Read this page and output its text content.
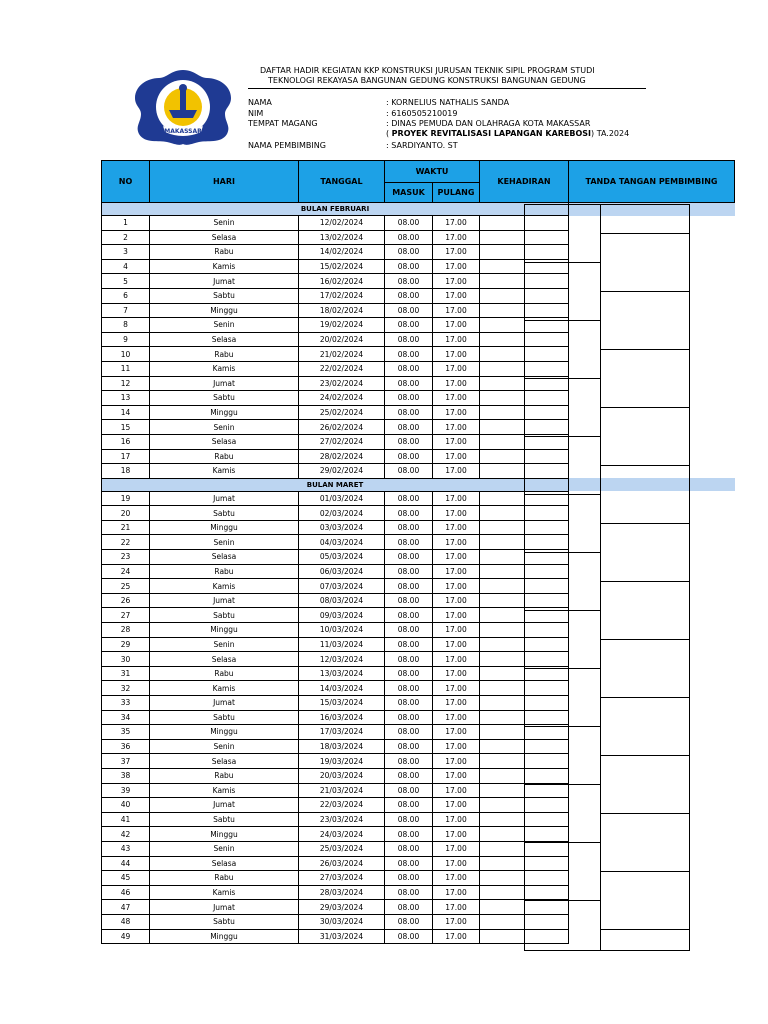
MAKASSAR
DAFTAR HADIR KEGIATAN KKP KONSTRUKSI JURUSAN TEKNIK SIPIL PROGRAM STUDI
TEKNOLOGI REKAYASA BANGUNAN GEDUNG KONSTRUKSI BANGUNAN GEDUNG
NAMA	: KORNELIUS NATHALIS SANDA
NIM	: 6160505210019
TEMPAT MAGANG	: DINAS PEMUDA DAN OLAHRAGA KOTA MAKASSAR
( PROYEK REVITALISASI LAPANGAN KAREBOSI) TA.2024
NAMA PEMBIMBING	: SARDIYANTO. ST
NO	HARI	TANGGAL	WAKTU		KEHADIRAN	TANDA TANGAN PEMBIMBING
			MASUK	PULANG		
BULAN FEBRUARI						
1	Senin	12/02/2024	08.00	17.00		
2	Selasa	13/02/2024	08.00	17.00		
3	Rabu	14/02/2024	08.00	17.00		
4	Kamis	15/02/2024	08.00	17.00		
5	Jumat	16/02/2024	08.00	17.00		
6	Sabtu	17/02/2024	08.00	17.00		
7	Minggu	18/02/2024	08.00	17.00		
8	Senin	19/02/2024	08.00	17.00		
9	Selasa	20/02/2024	08.00	17.00		
10	Rabu	21/02/2024	08.00	17.00		
11	Kamis	22/02/2024	08.00	17.00		
12	Jumat	23/02/2024	08.00	17.00		
13	Sabtu	24/02/2024	08.00	17.00		
14	Minggu	25/02/2024	08.00	17.00		
15	Senin	26/02/2024	08.00	17.00		
16	Selasa	27/02/2024	08.00	17.00		
17	Rabu	28/02/2024	08.00	17.00		
18	Kamis	29/02/2024	08.00	17.00		
BULAN MARET						
19	Jumat	01/03/2024	08.00	17.00		
20	Sabtu	02/03/2024	08.00	17.00		
21	Minggu	03/03/2024	08.00	17.00		
22	Senin	04/03/2024	08.00	17.00		
23	Selasa	05/03/2024	08.00	17.00		
24	Rabu	06/03/2024	08.00	17.00		
25	Kamis	07/03/2024	08.00	17.00		
26	Jumat	08/03/2024	08.00	17.00		
27	Sabtu	09/03/2024	08.00	17.00		
28	Minggu	10/03/2024	08.00	17.00		
29	Senin	11/03/2024	08.00	17.00		
30	Selasa	12/03/2024	08.00	17.00		
31	Rabu	13/03/2024	08.00	17.00		
32	Kamis	14/03/2024	08.00	17.00		
33	Jumat	15/03/2024	08.00	17.00		
34	Sabtu	16/03/2024	08.00	17.00		
35	Minggu	17/03/2024	08.00	17.00		
36	Senin	18/03/2024	08.00	17.00		
37	Selasa	19/03/2024	08.00	17.00		
38	Rabu	20/03/2024	08.00	17.00		
39	Kamis	21/03/2024	08.00	17.00		
40	Jumat	22/03/2024	08.00	17.00		
41	Sabtu	23/03/2024	08.00	17.00		
42	Minggu	24/03/2024	08.00	17.00		
43	Senin	25/03/2024	08.00	17.00		
44	Selasa	26/03/2024	08.00	17.00		
45	Rabu	27/03/2024	08.00	17.00		
46	Kamis	28/03/2024	08.00	17.00		
47	Jumat	29/03/2024	08.00	17.00		
48	Sabtu	30/03/2024	08.00	17.00		
49	Minggu	31/03/2024	08.00	17.00		
